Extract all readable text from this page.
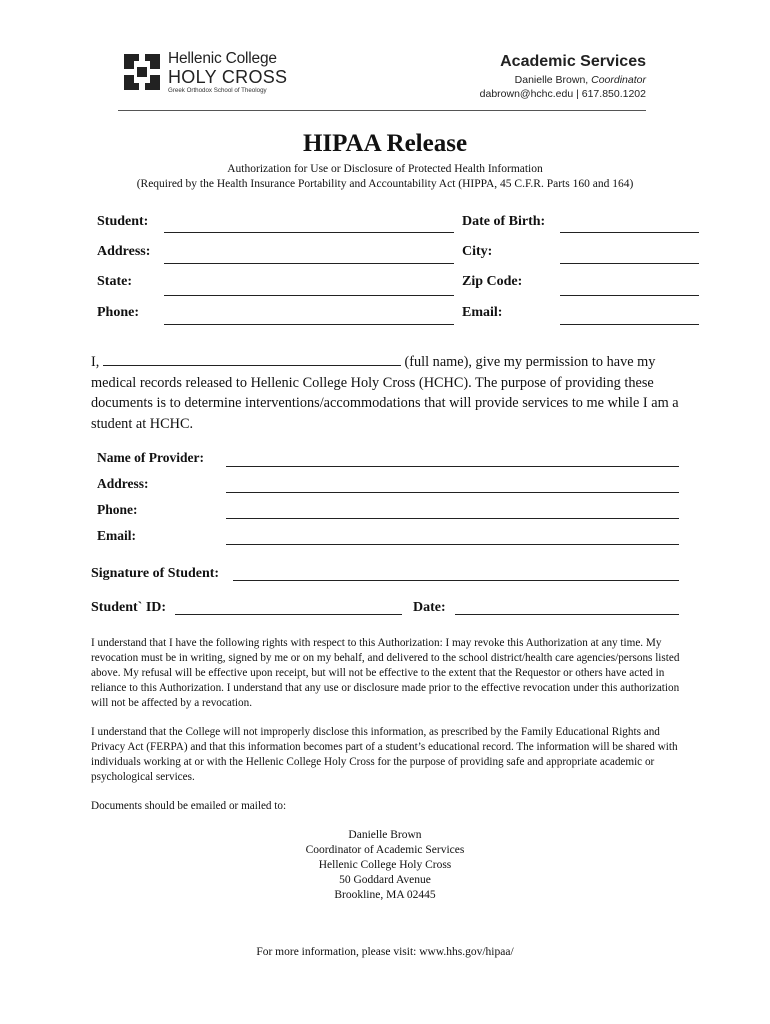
Hellenic College
HOLY CROSS
Greek Orthodox School of Theology
Academic Services
Danielle Brown, Coordinator
dabrown@hchc.edu | 617.850.1202
HIPAA Release
Authorization for Use or Disclosure of Protected Health Information
(Required by the Health Insurance Portability and Accountability Act (HIPPA, 45 C.F.R. Parts 160 and 164)
Student:	Date of Birth:
Address:	City:
State:	Zip Code:
Phone:	Email:
I,	(full name), give my permission to have my medical records released to Hellenic College Holy Cross (HCHC). The purpose of providing these documents is to determine interventions/accommodations that will provide services to me while I am a student at HCHC.
Name of Provider:
Address:
Phone:
Email:
Signature of Student:
Student` ID:	Date:
I understand that I have the following rights with respect to this Authorization: I may revoke this Authorization at any time. My revocation must be in writing, signed by me or on my behalf, and delivered to the school district/health care agencies/persons listed above. My refusal will be effective upon receipt, but will not be effective to the extent that the Requestor or others have acted in reliance to this Authorization. I understand that any use or disclosure made prior to the effective revocation under this authorization will not be affected by a revocation.
I understand that the College will not improperly disclose this information, as prescribed by the Family Educational Rights and Privacy Act (FERPA) and that this information becomes part of a student’s educational record. The information will be shared with individuals working at or with the Hellenic College Holy Cross for the purpose of providing safe and appropriate academic or psychological services.
Documents should be emailed or mailed to:
Danielle Brown
Coordinator of Academic Services
Hellenic College Holy Cross
50 Goddard Avenue
Brookline, MA 02445
For more information, please visit: www.hhs.gov/hipaa/
